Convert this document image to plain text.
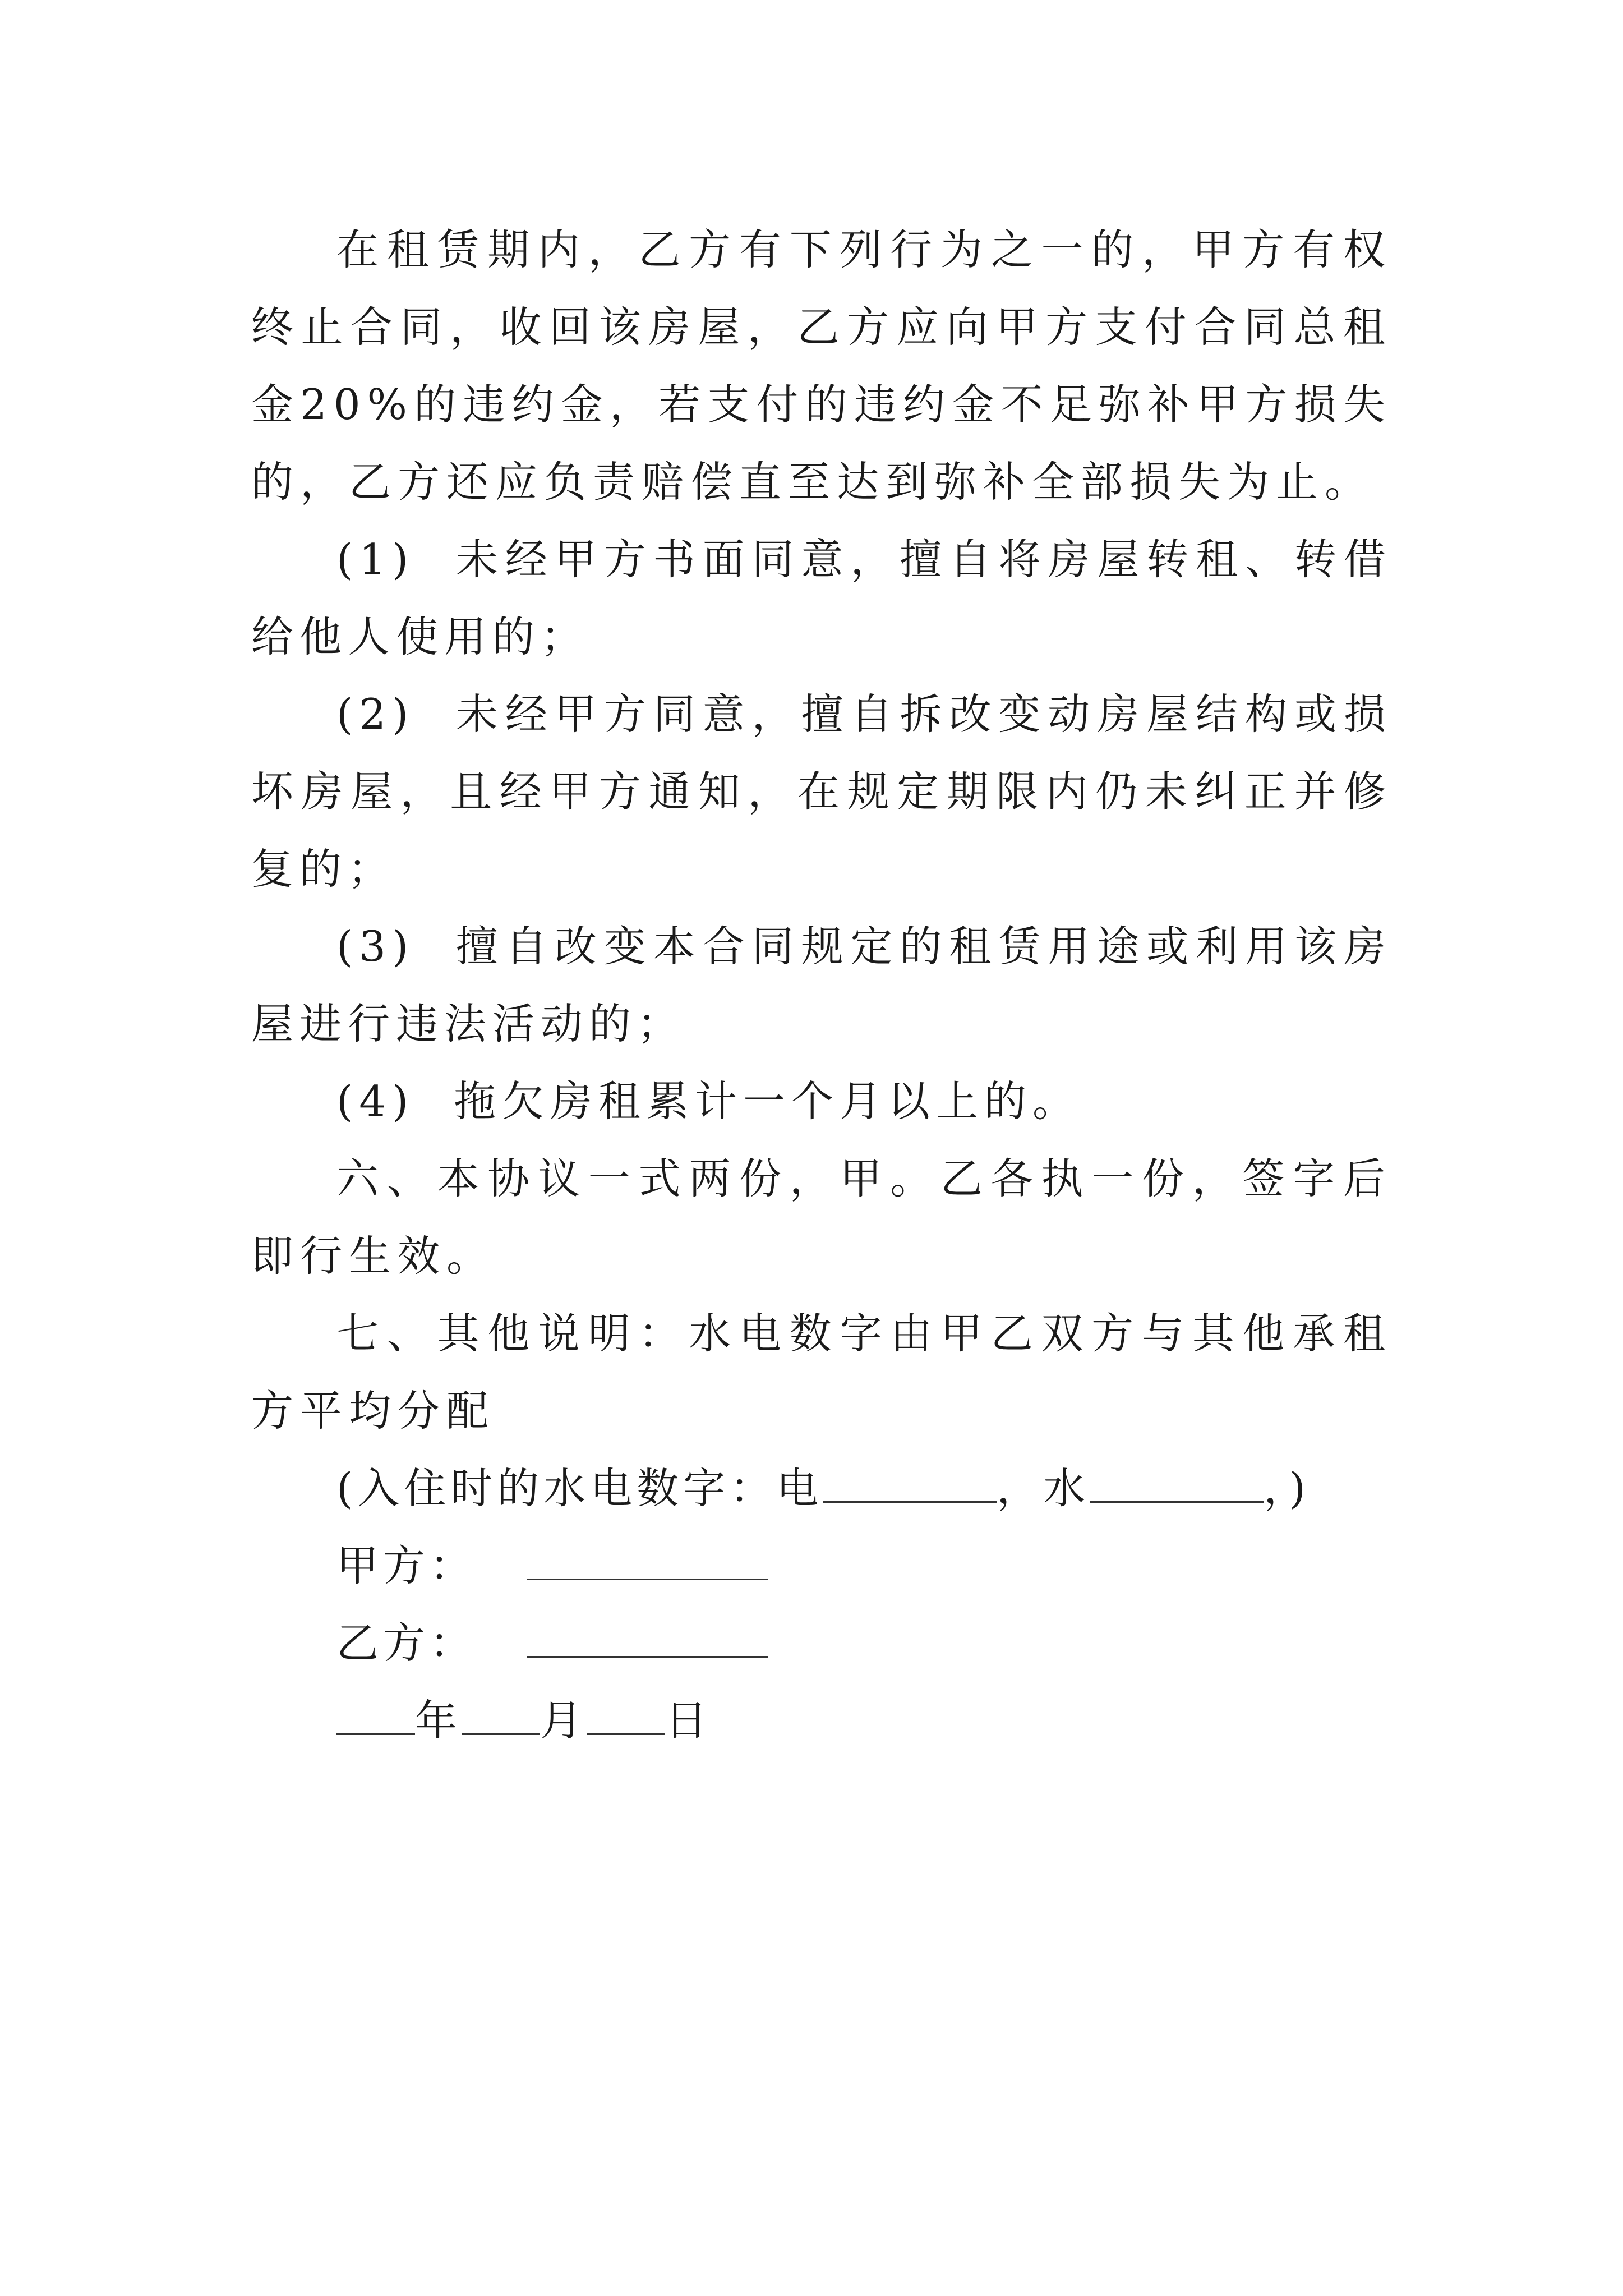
在租赁期内，乙方有下列行为之一的，甲方有权终止合同，收回该房屋，乙方应向甲方支付合同总租金20%的违约金，若支付的违约金不足弥补甲方损失的，乙方还应负责赔偿直至达到弥补全部损失为止。

(1) 未经甲方书面同意，擅自将房屋转租、转借给他人使用的；

(2) 未经甲方同意，擅自拆改变动房屋结构或损坏房屋，且经甲方通知，在规定期限内仍未纠正并修复的；

(3) 擅自改变本合同规定的租赁用途或利用该房屋进行违法活动的；

(4) 拖欠房租累计一个月以上的。

六、本协议一式两份，甲。乙各执一份，签字后即行生效。

七、其他说明：水电数字由甲乙双方与其他承租方平均分配

(入住时的水电数字：电	，水	，)

甲方：

乙方：

年 月 日
